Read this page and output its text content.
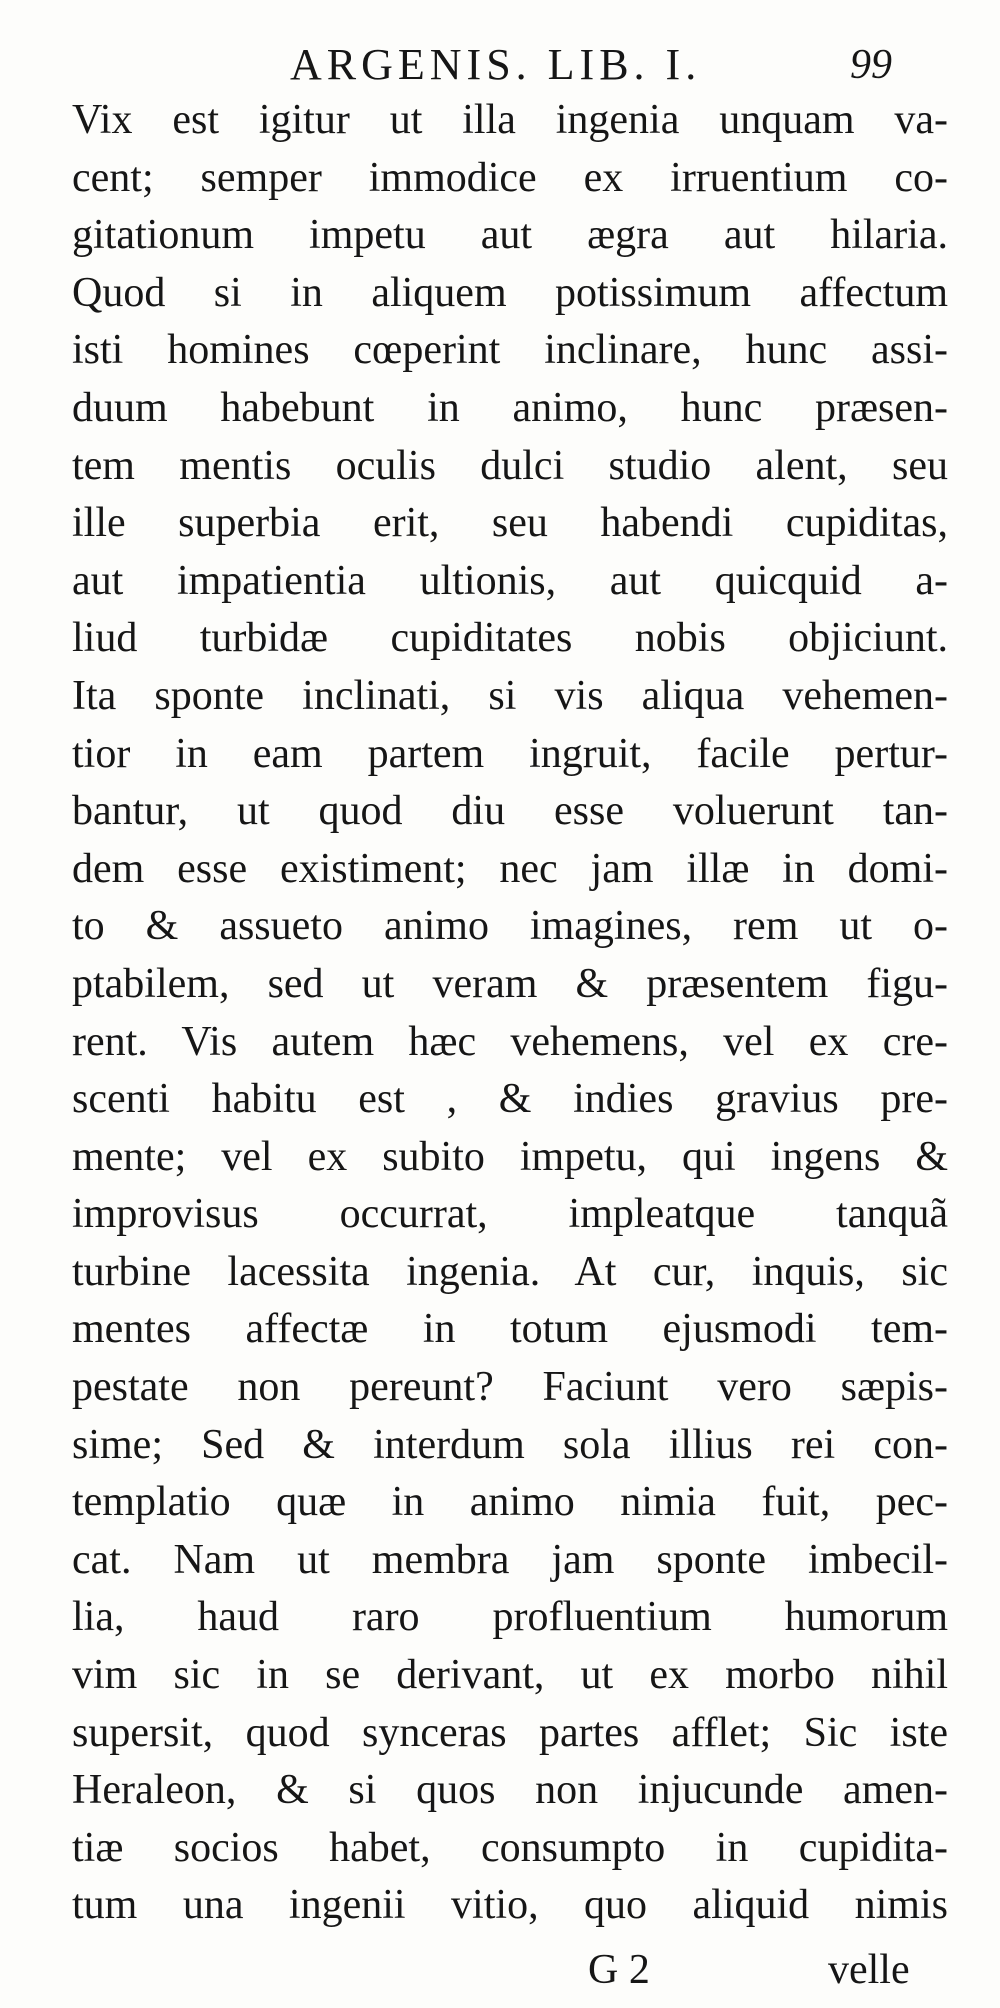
ARGENIS. LIB. I.	99
Vix est igitur ut illa ingenia unquam va-
cent; semper immodice ex irruentium co-
gitationum impetu aut ægra aut hilaria.
Quod si in aliquem potissimum affectum
isti homines cœperint inclinare, hunc assi-
duum habebunt in animo, hunc præsen-
tem mentis oculis dulci studio alent, seu
ille superbia erit, seu habendi cupiditas,
aut impatientia ultionis, aut quicquid a-
liud turbidæ cupiditates nobis objiciunt.
Ita sponte inclinati, si vis aliqua vehemen-
tior in eam partem ingruit, facile pertur-
bantur, ut quod diu esse voluerunt tan-
dem esse existiment; nec jam illæ in domi-
to & assueto animo imagines, rem ut o-
ptabilem, sed ut veram & præsentem figu-
rent. Vis autem hæc vehemens, vel ex cre-
scenti habitu est , & indies gravius pre-
mente; vel ex subito impetu, qui ingens &
improvisus occurrat, impleatque tanquã
turbine lacessita ingenia. At cur, inquis, sic
mentes affectæ in totum ejusmodi tem-
pestate non pereunt? Faciunt vero sæpis-
sime; Sed & interdum sola illius rei con-
templatio quæ in animo nimia fuit, pec-
cat. Nam ut membra jam sponte imbecil-
lia, haud raro profluentium humorum
vim sic in se derivant, ut ex morbo nihil
supersit, quod synceras partes afflet; Sic iste
Heraleon, & si quos non injucunde amen-
tiæ socios habet, consumpto in cupidita-
tum una ingenii vitio, quo aliquid nimis
G 2	velle
